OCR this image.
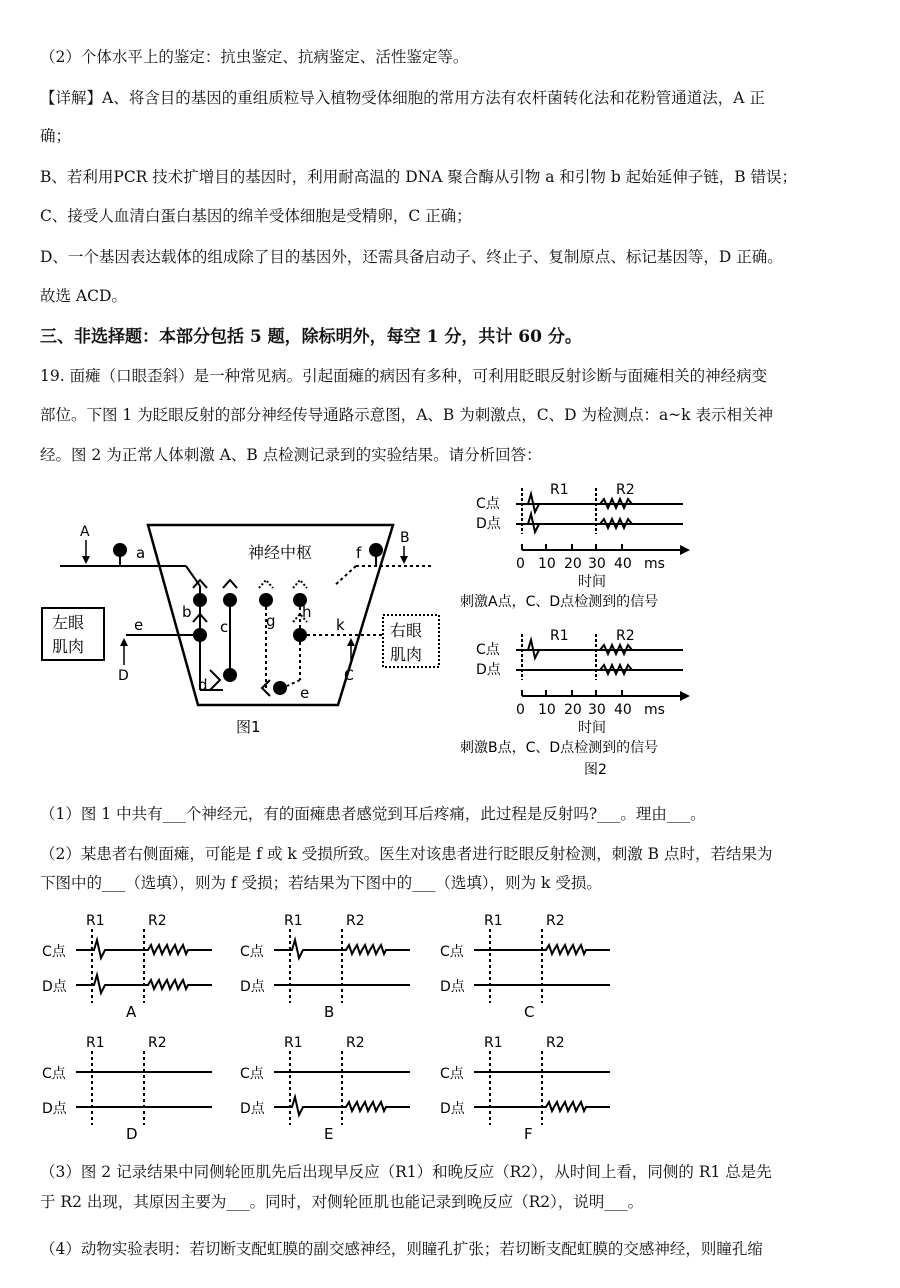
（2）个体水平上的鉴定：抗虫鉴定、抗病鉴定、活性鉴定等。
【详解】A、将含目的基因的重组质粒导入植物受体细胞的常用方法有农杆菌转化法和花粉管通道法，A 正
确；
B、若利用PCR 技术扩增目的基因时，利用耐高温的 DNA 聚合酶从引物 a 和引物 b 起始延伸子链，B 错误；
C、接受人血清白蛋白基因的绵羊受体细胞是受精卵，C 正确；
D、一个基因表达载体的组成除了目的基因外，还需具备启动子、终止子、复制原点、标记基因等，D 正确。
故选 ACD。
三、非选择题：本部分包括 5 题，除标明外，每空 1 分，共计 60 分。
19. 面瘫（口眼歪斜）是一种常见病。引起面瘫的病因有多种，可利用眨眼反射诊断与面瘫相关的神经病变
部位。下图 1 为眨眼反射的部分神经传导通路示意图，A、B 为刺激点，C、D 为检测点：a~k 表示相关神
经。图 2 为正常人体刺激 A、B 点检测记录到的实验结果。请分析回答：
神经中枢
A
a	f
B
b
c	g h
d	e
e
D
k
C
左眼
肌肉
右眼
肌肉
图1
R1	R2
C点
D点
0 10 20 30 40 ms
时间
刺激A点，C、D点检测到的信号
R1	R2
C点
D点
0 10 20 30 40 ms
时间
刺激B点，C、D点检测到的信号
图2
（1）图 1 中共有___个神经元，有的面瘫患者感觉到耳后疼痛，此过程是反射吗?___。理由___。
（2）某患者右侧面瘫，可能是 f 或 k 受损所致。医生对该患者进行眨眼反射检测，刺激 B 点时，若结果为
下图中的___（选填），则为 f 受损；若结果为下图中的___（选填），则为 k 受损。
R1	R2
C点
D点
A
R1	R2
C点
D点
B
R1	R2
C点
D点
C
R1	R2
C点
D点
D
R1	R2
C点
D点
E
R1	R2
C点
D点
F
（3）图 2 记录结果中同侧轮匝肌先后出现早反应（R1）和晚反应（R2），从时间上看，同侧的 R1 总是先
于 R2 出现，其原因主要为___。同时，对侧轮匝肌也能记录到晚反应（R2），说明___。
（4）动物实验表明：若切断支配虹膜的副交感神经，则瞳孔扩张；若切断支配虹膜的交感神经，则瞳孔缩
